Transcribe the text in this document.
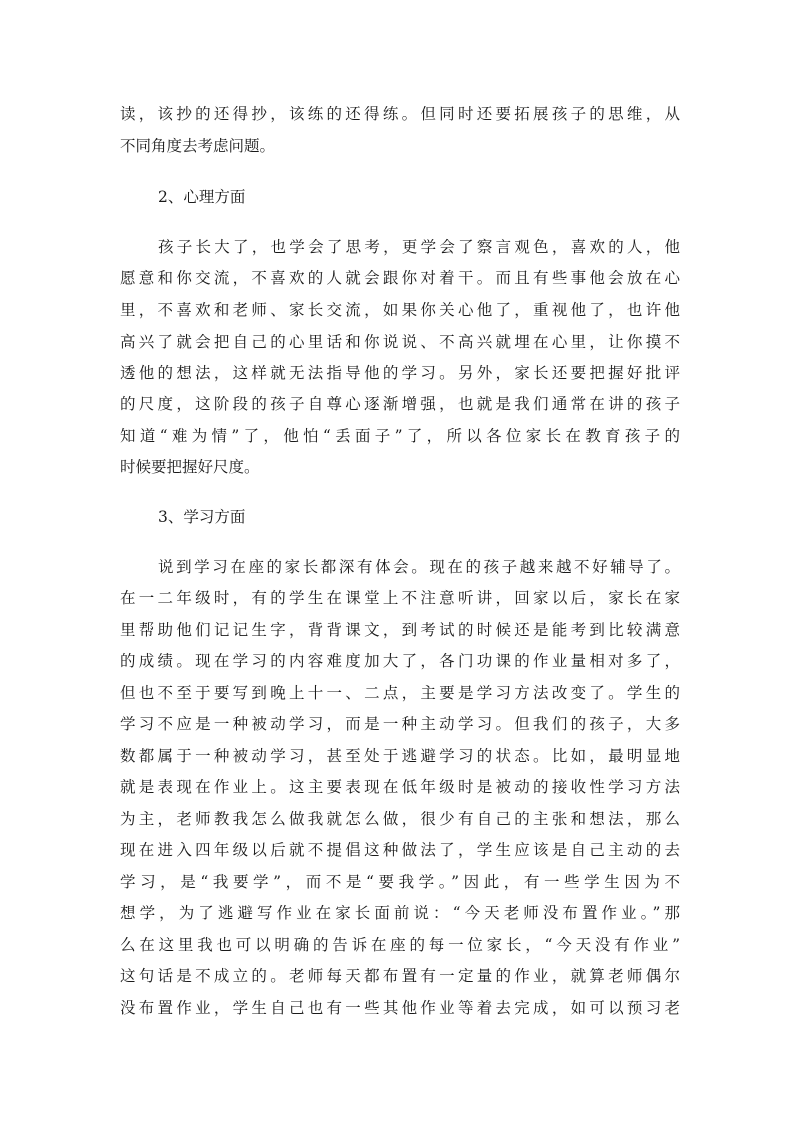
读，该抄的还得抄，该练的还得练。但同时还要拓展孩子的思维，从
不同角度去考虑问题。
2、心理方面
孩子长大了，也学会了思考，更学会了察言观色，喜欢的人，他
愿意和你交流，不喜欢的人就会跟你对着干。而且有些事他会放在心
里，不喜欢和老师、家长交流，如果你关心他了，重视他了，也许他
高兴了就会把自己的心里话和你说说、不高兴就埋在心里，让你摸不
透他的想法，这样就无法指导他的学习。另外，家长还要把握好批评
的尺度，这阶段的孩子自尊心逐渐增强，也就是我们通常在讲的孩子
知道“难为情”了，他怕“丢面子”了，所以各位家长在教育孩子的
时候要把握好尺度。
3、学习方面
说到学习在座的家长都深有体会。现在的孩子越来越不好辅导了。
在一二年级时，有的学生在课堂上不注意听讲，回家以后，家长在家
里帮助他们记记生字，背背课文，到考试的时候还是能考到比较满意
的成绩。现在学习的内容难度加大了，各门功课的作业量相对多了，
但也不至于要写到晚上十一、二点，主要是学习方法改变了。学生的
学习不应是一种被动学习，而是一种主动学习。但我们的孩子，大多
数都属于一种被动学习，甚至处于逃避学习的状态。比如，最明显地
就是表现在作业上。这主要表现在低年级时是被动的接收性学习方法
为主，老师教我怎么做我就怎么做，很少有自己的主张和想法，那么
现在进入四年级以后就不提倡这种做法了，学生应该是自己主动的去
学习，是“我要学”，而不是“要我学。”因此，有一些学生因为不
想学，为了逃避写作业在家长面前说：“今天老师没布置作业。”那
么在这里我也可以明确的告诉在座的每一位家长，“今天没有作业”
这句话是不成立的。老师每天都布置有一定量的作业，就算老师偶尔
没布置作业，学生自己也有一些其他作业等着去完成，如可以预习老
